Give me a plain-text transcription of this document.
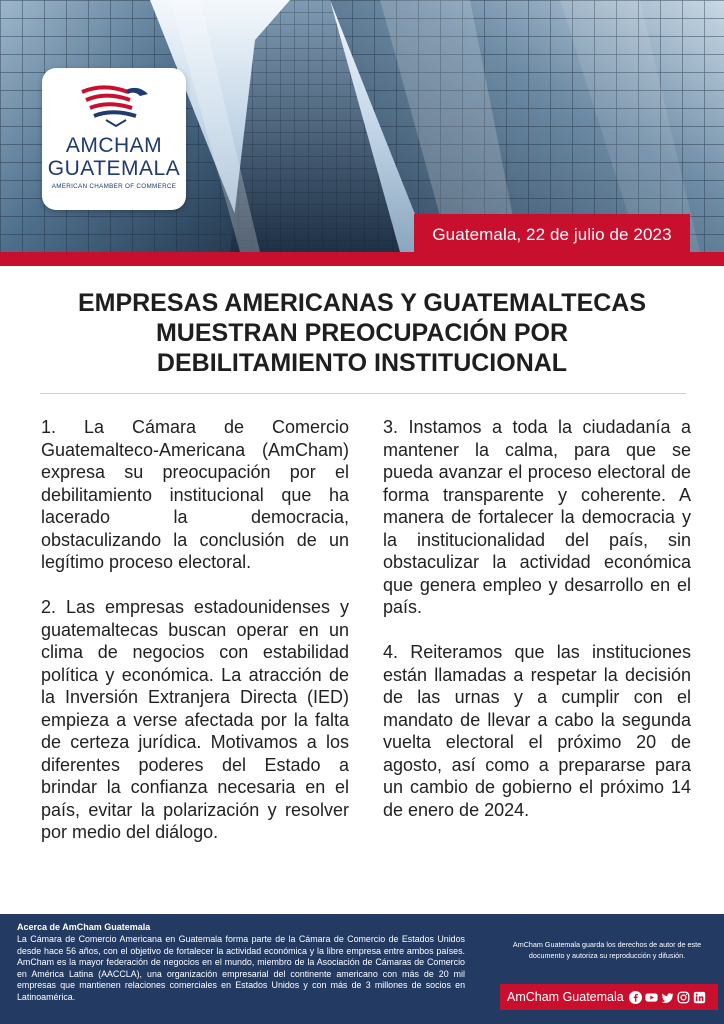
AMCHAM
GUATEMALA
AMERICAN CHAMBER OF COMMERCE
Guatemala, 22 de julio de 2023
EMPRESAS AMERICANAS Y GUATEMALTECAS
MUESTRAN PREOCUPACIÓN POR
DEBILITAMIENTO INSTITUCIONAL

1. La Cámara de Comercio Guatemalteco-Americana (AmCham) expresa su preocupación por el debilitamiento institucional que ha lacerado la democracia, obstaculizando la conclusión de un legítimo proceso electoral.

2. Las empresas estadounidenses y guatemaltecas buscan operar en un clima de negocios con estabilidad política y económica. La atracción de la Inversión Extranjera Directa (IED) empieza a verse afectada por la falta de certeza jurídica. Motivamos a los diferentes poderes del Estado a brindar la confianza necesaria en el país, evitar la polarización y resolver por medio del diálogo.

3. Instamos a toda la ciudadanía a mantener la calma, para que se pueda avanzar el proceso electoral de forma transparente y coherente. A manera de fortalecer la democracia y la institucionalidad del país, sin obstaculizar la actividad económica que genera empleo y desarrollo en el país.

4. Reiteramos que las instituciones están llamadas a respetar la decisión de las urnas y a cumplir con el mandato de llevar a cabo la segunda vuelta electoral el próximo 20 de agosto, así como a prepararse para un cambio de gobierno el próximo 14 de enero de 2024.

Acerca de AmCham Guatemala
La Cámara de Comercio Americana en Guatemala forma parte de la Cámara de Comercio de Estados Unidos desde hace 56 años, con el objetivo de fortalecer la actividad económica y la libre empresa entre ambos países. AmCham es la mayor federación de negocios en el mundo, miembro de la Asociación de Cámaras de Comercio en América Latina (AACCLA), una organización empresarial del continente americano con más de 20 mil empresas que mantienen relaciones comerciales en Estados Unidos y con más de 3 millones de socios en Latinoamérica.
AmCham Guatemala guarda los derechos de autor de este documento y autoriza su reproducción y difusión.
AmCham Guatemala
